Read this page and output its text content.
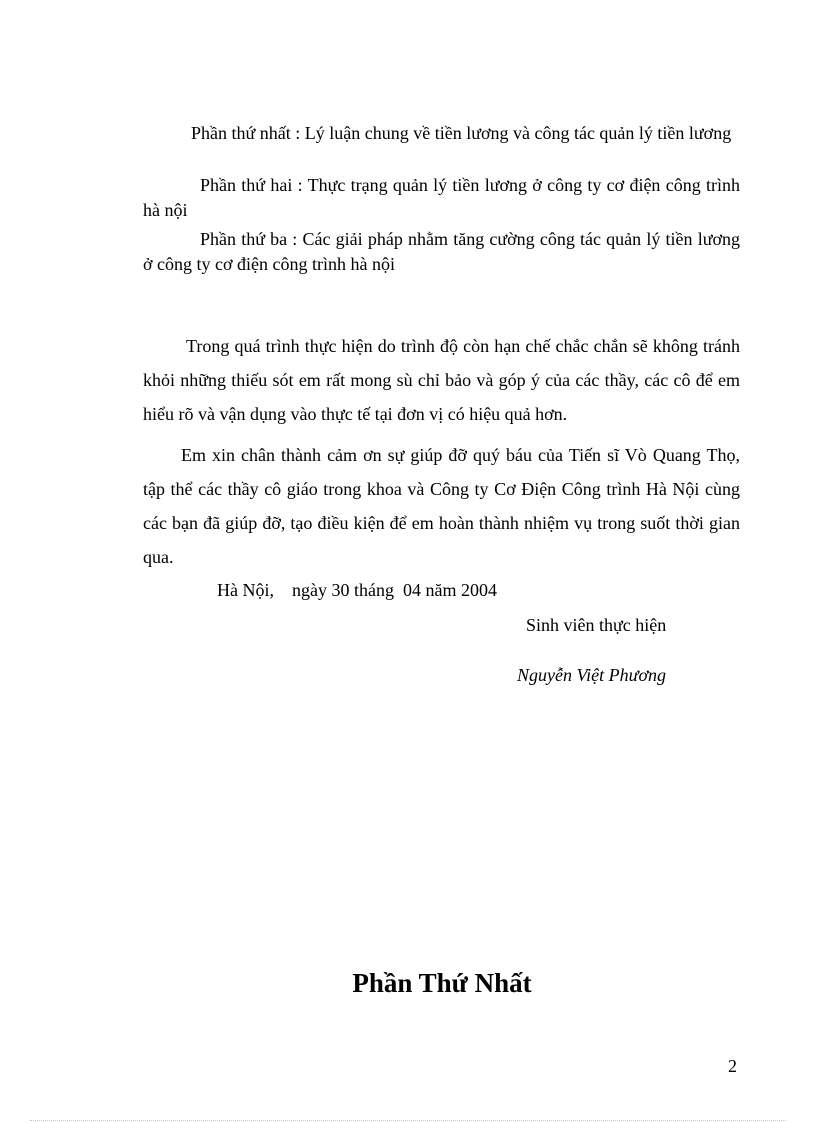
Phần thứ nhất : Lý luận chung về tiền lương và công tác quản lý tiền lương
Phần thứ hai : Thực trạng quản lý tiền lương ở công ty cơ điện công trình hà nội
Phần thứ ba : Các giải pháp nhằm tăng cường công tác quản lý tiền lương ở công ty cơ điện công trình hà nội
Trong quá trình thực hiện do trình độ còn hạn chế chắc chắn sẽ không tránh khỏi những thiếu sót em rất mong sù chỉ bảo và góp ý của các thầy, các cô để em hiểu rõ và vận dụng vào thực tế tại đơn vị có hiệu quả hơn.
Em xin chân thành cảm ơn sự giúp đỡ quý báu của Tiến sĩ Vò Quang Thọ, tập thể các thầy cô giáo trong khoa và Công ty Cơ Điện Công trình Hà Nội cùng các bạn đã giúp đỡ, tạo điều kiện để em hoàn thành nhiệm vụ trong suốt thời gian qua.
Hà Nội,    ngày 30 tháng  04 năm 2004
Sinh viên thực hiện
Nguyễn Việt Phương
Phần Thứ Nhất
2
